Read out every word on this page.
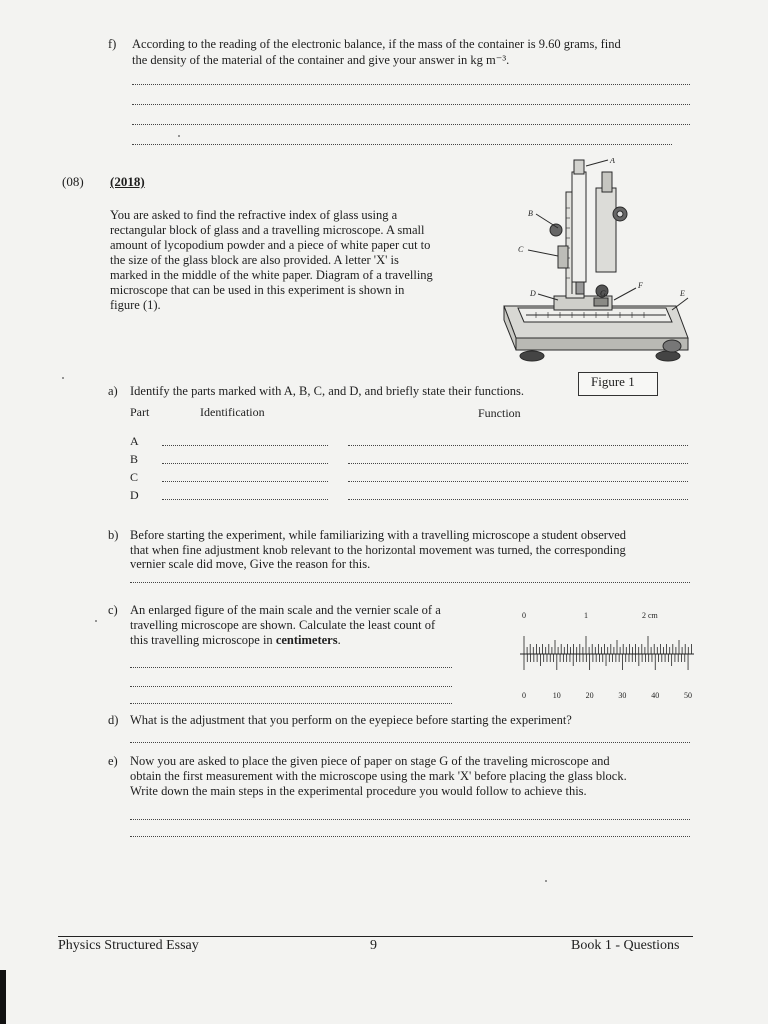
f) According to the reading of the electronic balance, if the mass of the container is 9.60 grams, find
the density of the material of the container and give your answer in kg m⁻³.
(08) (2018)
You are asked to find the refractive index of glass using a
rectangular block of glass and a travelling microscope. A small
amount of lycopodium powder and a piece of white paper cut to
the size of the glass block are also provided. A letter 'X' is
marked in the middle of the white paper. Diagram of a travelling
microscope that can be used in this experiment is shown in
figure (1).
A
B
C
D	E
F
G
Figure 1
a) Identify the parts marked with A, B, C, and D, and briefly state their functions.
Part	Identification	Function
A
B
C
D
b) Before starting the experiment, while familiarizing with a travelling microscope a student observed
that when fine adjustment knob relevant to the horizontal movement was turned, the corresponding
vernier scale did move, Give the reason for this.
c) An enlarged figure of the main scale and the vernier scale of a
travelling microscope are shown. Calculate the least count of
this travelling microscope in centimeters.
0	1	2 cm
0	10	20	30	40	50
d) What is the adjustment that you perform on the eyepiece before starting the experiment?
e) Now you are asked to place the given piece of paper on stage G of the traveling microscope and
obtain the first measurement with the microscope using the mark 'X' before placing the glass block.
Write down the main steps in the experimental procedure you would follow to achieve this.
Physics Structured Essay	9	Book 1 - Questions
